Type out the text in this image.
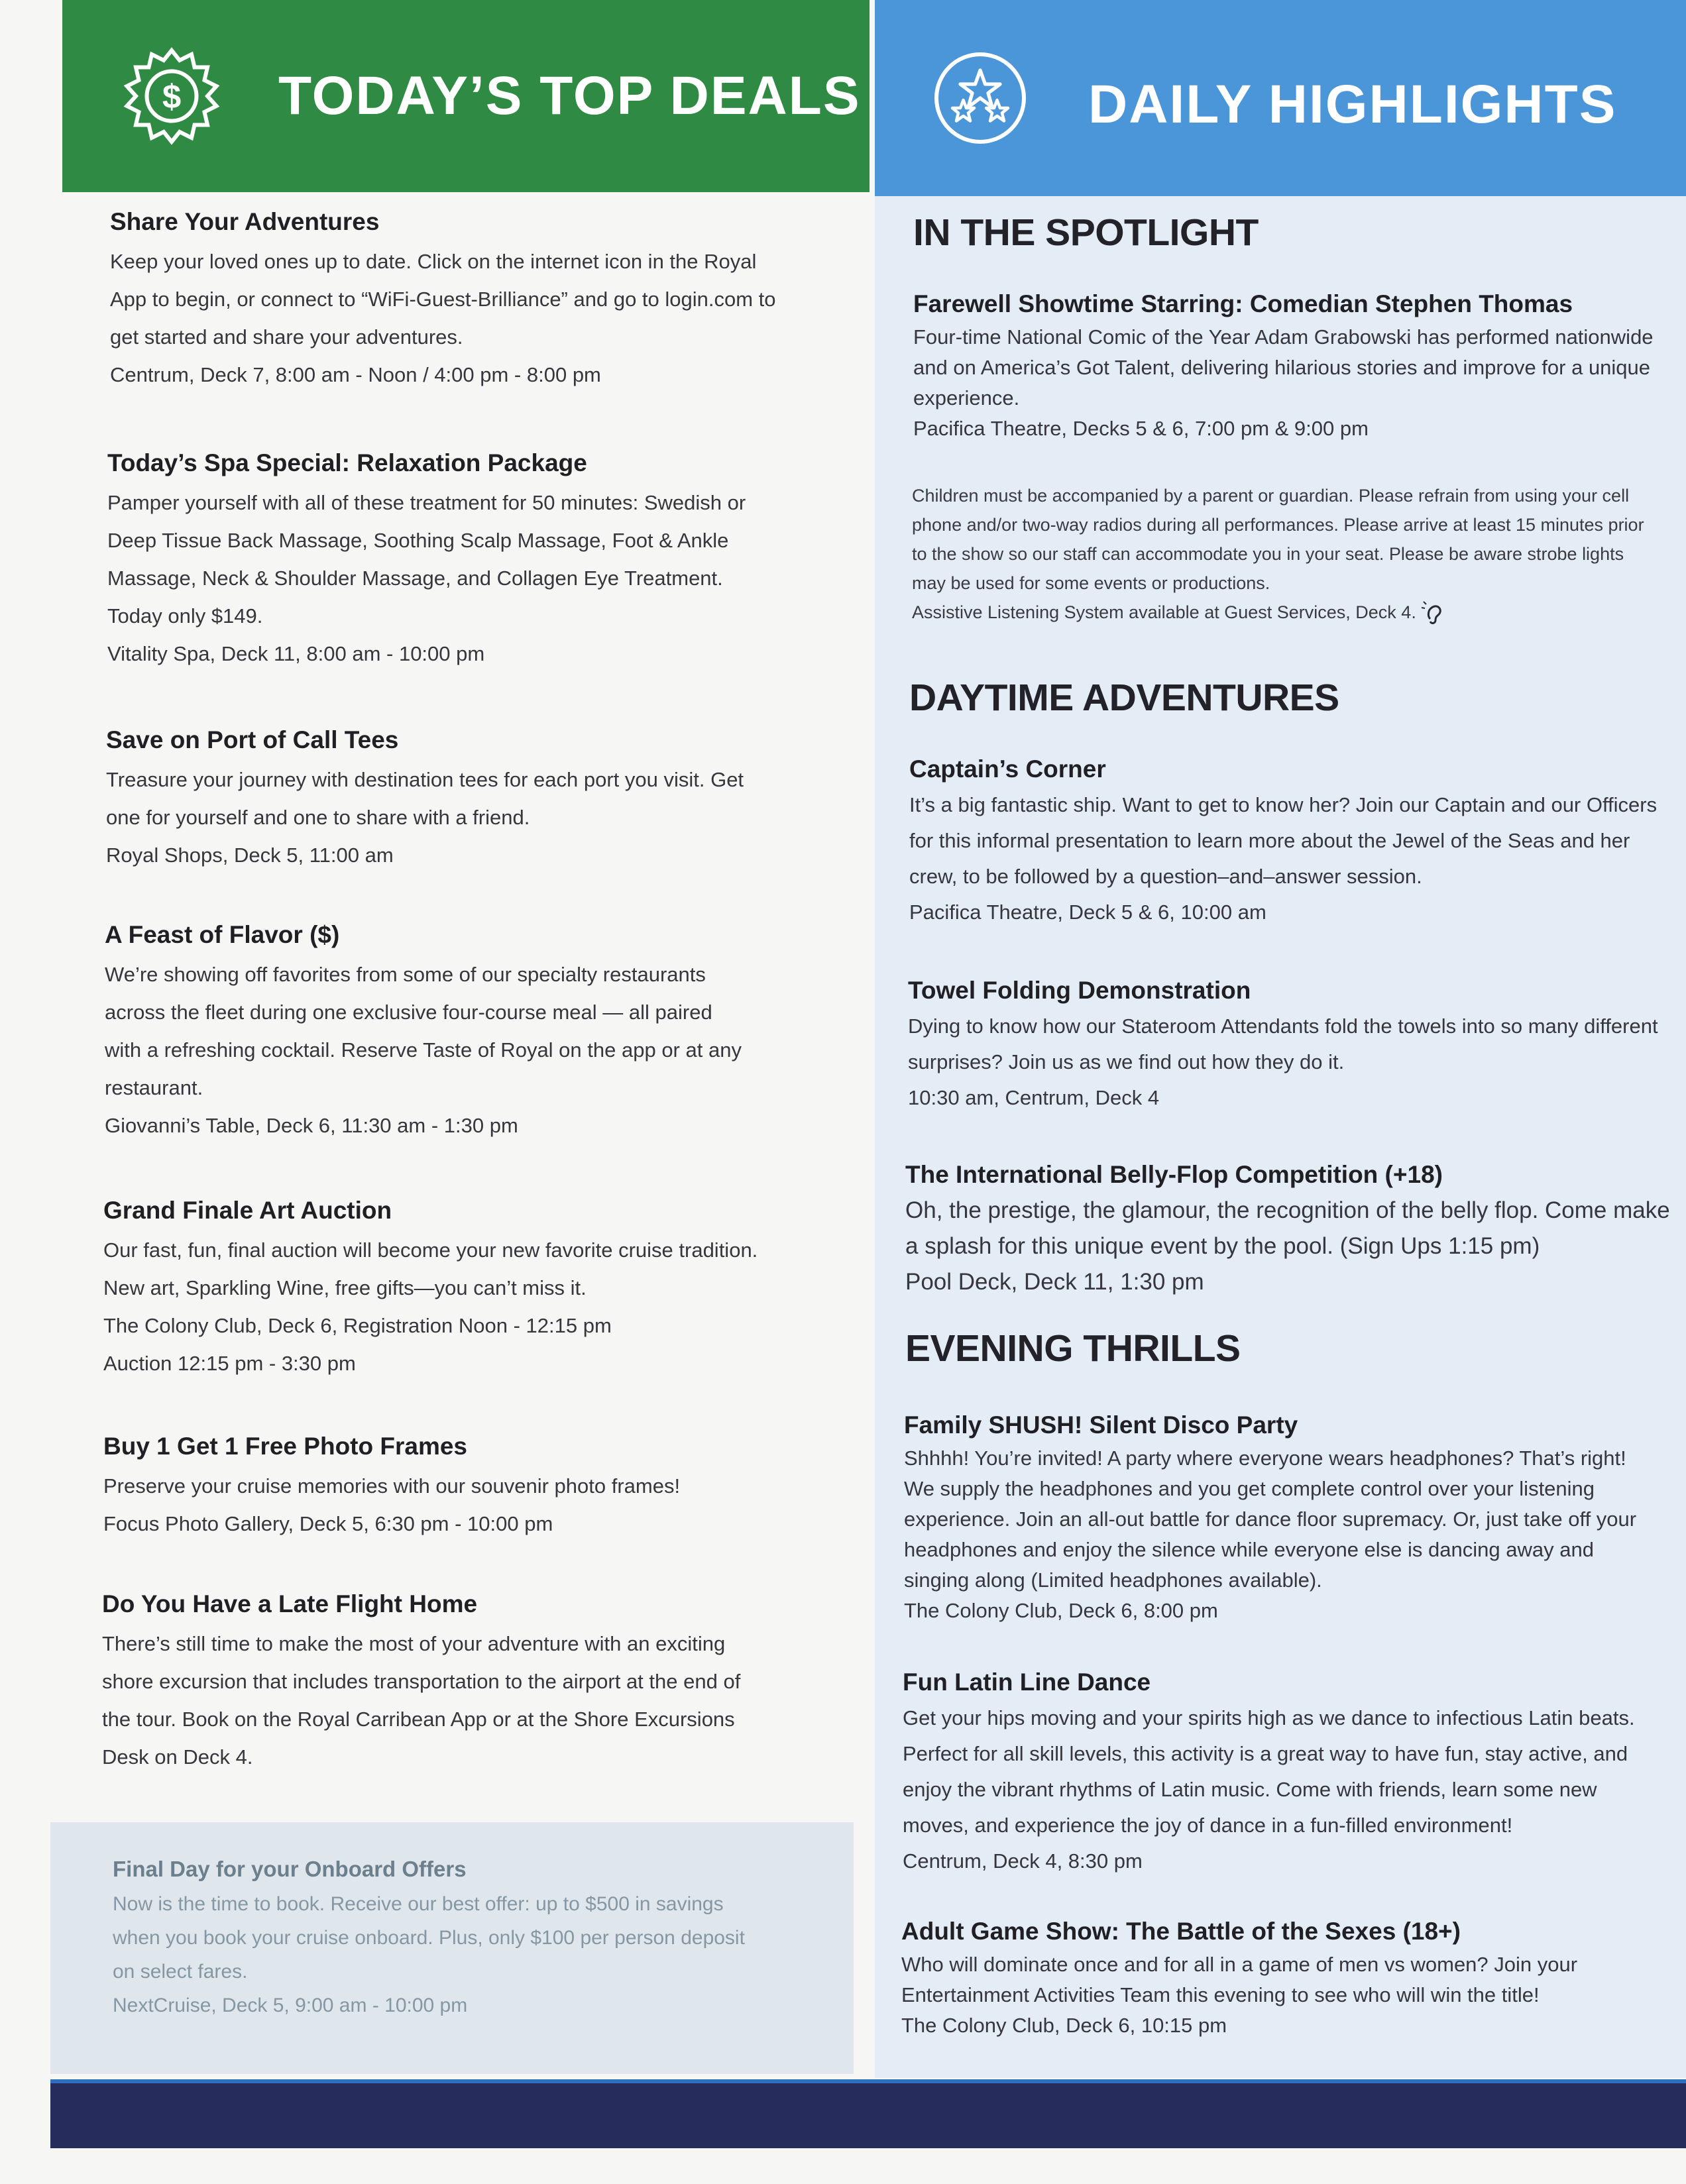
$ TODAY’S TOP DEALS	DAILY HIGHLIGHTS
Share Your Adventures

Keep your loved ones up to date. Click on the internet icon in the Royal

App to begin, or connect to “WiFi-Guest-Brilliance” and go to login.com to

get started and share your adventures.

Centrum, Deck 7, 8:00 am - Noon / 4:00 pm - 8:00 pm

Today’s Spa Special: Relaxation Package

Pamper yourself with all of these treatment for 50 minutes: Swedish or

Deep Tissue Back Massage, Soothing Scalp Massage, Foot & Ankle

Massage, Neck & Shoulder Massage, and Collagen Eye Treatment.

Today only $149.

Vitality Spa, Deck 11, 8:00 am - 10:00 pm

Save on Port of Call Tees

Treasure your journey with destination tees for each port you visit. Get

one for yourself and one to share with a friend.

Royal Shops, Deck 5, 11:00 am

A Feast of Flavor ($)

We’re showing off favorites from some of our specialty restaurants

across the fleet during one exclusive four-course meal — all paired

with a refreshing cocktail. Reserve Taste of Royal on the app or at any

restaurant.

Giovanni’s Table, Deck 6, 11:30 am - 1:30 pm

Grand Finale Art Auction

Our fast, fun, final auction will become your new favorite cruise tradition.

New art, Sparkling Wine, free gifts—you can’t miss it.

The Colony Club, Deck 6, Registration Noon - 12:15 pm

Auction 12:15 pm - 3:30 pm

Buy 1 Get 1 Free Photo Frames

Preserve your cruise memories with our souvenir photo frames!

Focus Photo Gallery, Deck 5, 6:30 pm - 10:00 pm

Do You Have a Late Flight Home

There’s still time to make the most of your adventure with an exciting

shore excursion that includes transportation to the airport at the end of

the tour. Book on the Royal Carribean App or at the Shore Excursions

Desk on Deck 4.

Final Day for your Onboard Offers

Now is the time to book. Receive our best offer: up to $500 in savings

when you book your cruise onboard. Plus, only $100 per person deposit

on select fares.

NextCruise, Deck 5, 9:00 am - 10:00 pm

IN THE SPOTLIGHT
Farewell Showtime Starring: Comedian Stephen Thomas

Four-time National Comic of the Year Adam Grabowski has performed nationwide

and on America’s Got Talent, delivering hilarious stories and improve for a unique

experience.

Pacifica Theatre, Decks 5 & 6, 7:00 pm & 9:00 pm

Children must be accompanied by a parent or guardian. Please refrain from using your cell

phone and/or two-way radios during all performances. Please arrive at least 15 minutes prior

to the show so our staff can accommodate you in your seat. Please be aware strobe lights

may be used for some events or productions.

Assistive Listening System available at Guest Services, Deck 4.

DAYTIME ADVENTURES
Captain’s Corner

It’s a big fantastic ship. Want to get to know her? Join our Captain and our Officers

for this informal presentation to learn more about the Jewel of the Seas and her

crew, to be followed by a question–and–answer session.

Pacifica Theatre, Deck 5 & 6, 10:00 am

Towel Folding Demonstration

Dying to know how our Stateroom Attendants fold the towels into so many different

surprises? Join us as we find out how they do it.

10:30 am, Centrum, Deck 4

The International Belly-Flop Competition (+18)

Oh, the prestige, the glamour, the recognition of the belly flop. Come make

a splash for this unique event by the pool. (Sign Ups 1:15 pm)

Pool Deck, Deck 11, 1:30 pm

EVENING THRILLS
Family SHUSH! Silent Disco Party

Shhhh! You’re invited! A party where everyone wears headphones? That’s right!

We supply the headphones and you get complete control over your listening

experience. Join an all-out battle for dance floor supremacy. Or, just take off your

headphones and enjoy the silence while everyone else is dancing away and

singing along (Limited headphones available).

The Colony Club, Deck 6, 8:00 pm

Fun Latin Line Dance

Get your hips moving and your spirits high as we dance to infectious Latin beats.

Perfect for all skill levels, this activity is a great way to have fun, stay active, and

enjoy the vibrant rhythms of Latin music. Come with friends, learn some new

moves, and experience the joy of dance in a fun-filled environment!

Centrum, Deck 4, 8:30 pm

Adult Game Show: The Battle of the Sexes (18+)

Who will dominate once and for all in a game of men vs women? Join your

Entertainment Activities Team this evening to see who will win the title!

The Colony Club, Deck 6, 10:15 pm
